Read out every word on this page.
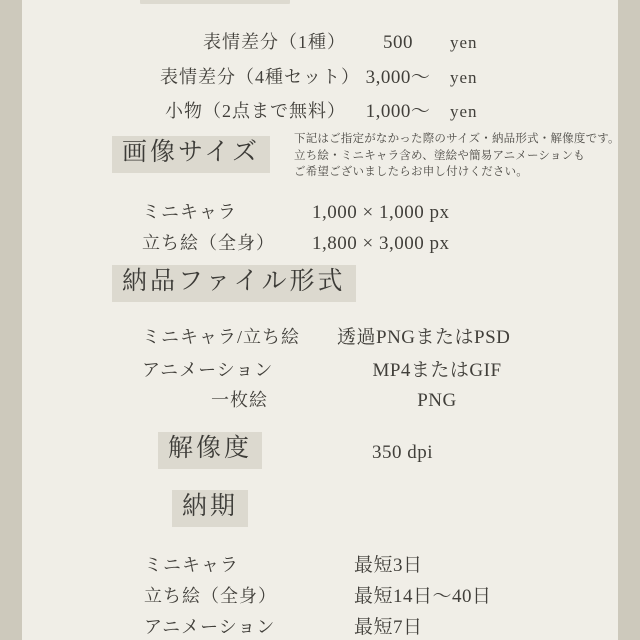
表情差分（1種）	500	yen
表情差分（4種セット） 3,000〜	yen
小物（2点まで無料）	1,000〜	yen
画像サイズ	下記はご指定がなかった際のサイズ・納品形式・解像度です。
立ち絵・ミニキャラ含め、塗絵や簡易アニメーションも
ご希望ございましたらお申し付けください。
ミニキャラ	1,000 × 1,000 px
立ち絵（全身）	1,800 × 3,000 px
納品ファイル形式
ミニキャラ/立ち絵	透過PNGまたはPSD
アニメーション	MP4またはGIF
一枚絵	PNG
解像度	350 dpi
納期
ミニキャラ	最短3日
立ち絵（全身）	最短14日〜40日
アニメーション	最短7日
